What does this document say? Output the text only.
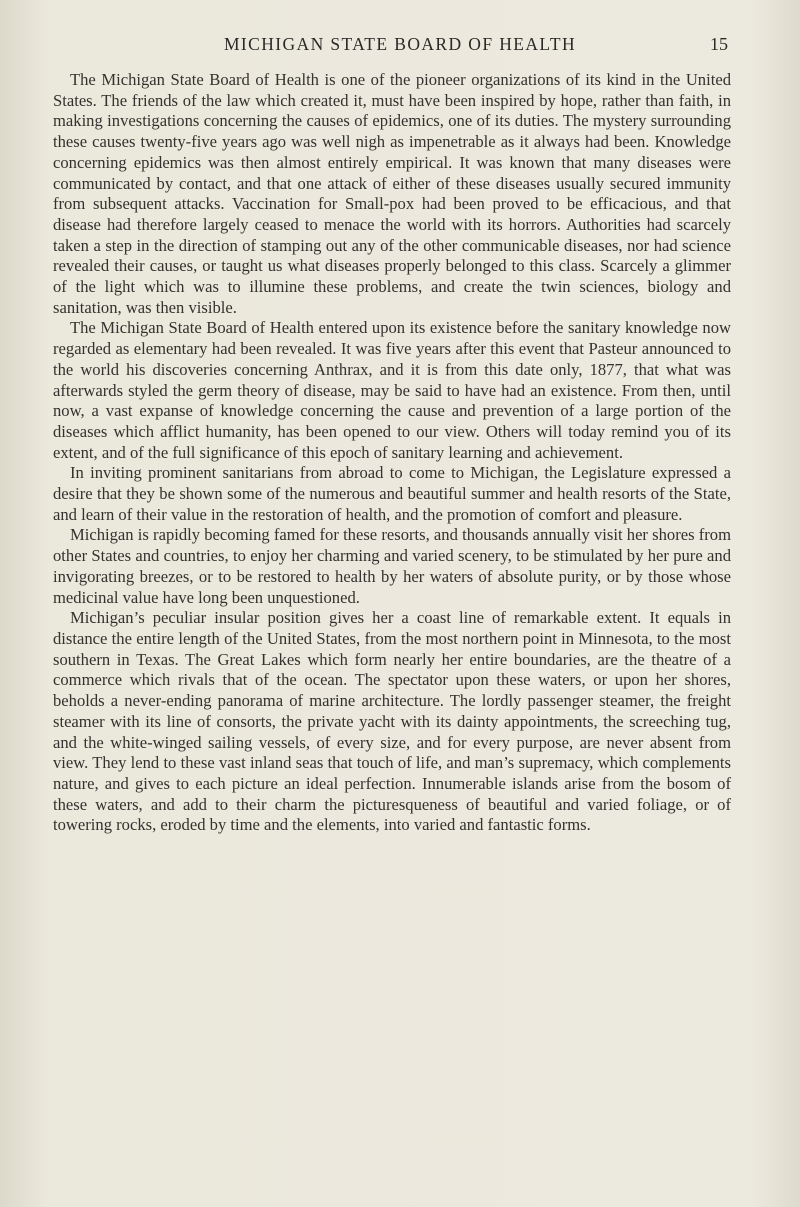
MICHIGAN STATE BOARD OF HEALTH	15

The Michigan State Board of Health is one of the pioneer organizations of its kind in the United States. The friends of the law which created it, must have been inspired by hope, rather than faith, in making investigations concerning the causes of epidemics, one of its duties. The mystery surrounding these causes twenty-five years ago was well nigh as impenetrable as it always had been. Knowledge concerning epidemics was then almost entirely empirical. It was known that many diseases were communicated by contact, and that one attack of either of these diseases usually secured immunity from subsequent attacks. Vaccination for Small-pox had been proved to be efficacious, and that disease had therefore largely ceased to menace the world with its horrors. Authorities had scarcely taken a step in the direction of stamping out any of the other communicable diseases, nor had science revealed their causes, or taught us what diseases properly belonged to this class. Scarcely a glimmer of the light which was to illumine these problems, and create the twin sciences, biology and sanitation, was then visible.

The Michigan State Board of Health entered upon its existence before the sanitary knowledge now regarded as elementary had been revealed. It was five years after this event that Pasteur announced to the world his discoveries concerning Anthrax, and it is from this date only, 1877, that what was afterwards styled the germ theory of disease, may be said to have had an existence. From then, until now, a vast expanse of knowledge concerning the cause and prevention of a large portion of the diseases which afflict humanity, has been opened to our view. Others will today remind you of its extent, and of the full significance of this epoch of sanitary learning and achievement.

In inviting prominent sanitarians from abroad to come to Michigan, the Legislature expressed a desire that they be shown some of the numerous and beautiful summer and health resorts of the State, and learn of their value in the restoration of health, and the promotion of comfort and pleasure.

Michigan is rapidly becoming famed for these resorts, and thousands annually visit her shores from other States and countries, to enjoy her charming and varied scenery, to be stimulated by her pure and invigorating breezes, or to be restored to health by her waters of absolute purity, or by those whose medicinal value have long been unquestioned.

Michigan’s peculiar insular position gives her a coast line of remarkable extent. It equals in distance the entire length of the United States, from the most northern point in Minnesota, to the most southern in Texas. The Great Lakes which form nearly her entire boundaries, are the theatre of a commerce which rivals that of the ocean. The spectator upon these waters, or upon her shores, beholds a never-ending panorama of marine architecture. The lordly passenger steamer, the freight steamer with its line of consorts, the private yacht with its dainty appointments, the screeching tug, and the white-winged sailing vessels, of every size, and for every purpose, are never absent from view. They lend to these vast inland seas that touch of life, and man’s supremacy, which complements nature, and gives to each picture an ideal perfection. Innumerable islands arise from the bosom of these waters, and add to their charm the picturesqueness of beautiful and varied foliage, or of towering rocks, eroded by time and the elements, into varied and fantastic forms.
